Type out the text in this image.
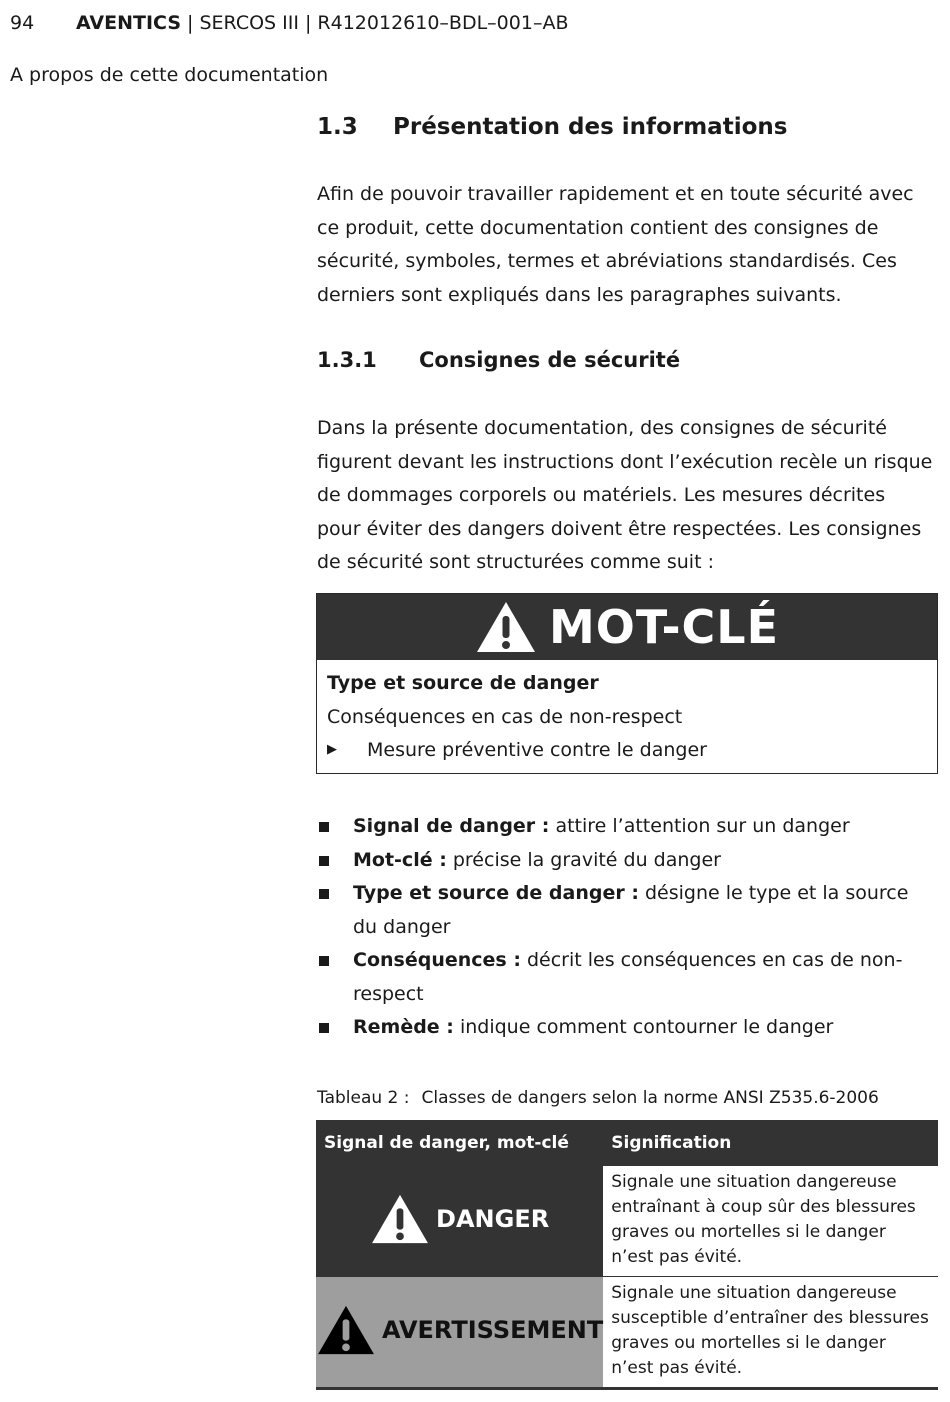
94 AVENTICS | SERCOS III | R412012610–BDL–001–AB
A propos de cette documentation
1.3 Présentation des informations
Afin de pouvoir travailler rapidement et en toute sécurité avec ce produit, cette documentation contient des consignes de sécurité, symboles, termes et abréviations standardisés. Ces derniers sont expliqués dans les paragraphes suivants.
1.3.1 Consignes de sécurité
Dans la présente documentation, des consignes de sécurité figurent devant les instructions dont l’exécution recèle un risque de dommages corporels ou matériels. Les mesures décrites pour éviter des dangers doivent être respectées. Les consignes de sécurité sont structurées comme suit :
MOT-CLÉ
Type et source de danger
Conséquences en cas de non-respect
▶ Mesure préventive contre le danger
Signal de danger : attire l’attention sur un danger
Mot-clé : précise la gravité du danger
Type et source de danger : désigne le type et la source du danger
Conséquences : décrit les conséquences en cas de non-respect
Remède : indique comment contourner le danger
Tableau 2 : Classes de dangers selon la norme ANSI Z535.6-2006
Signal de danger, mot-clé	Signification

DANGER	Signale une situation dangereuse entraînant à coup sûr des blessures graves ou mortelles si le danger n’est pas évité.

AVERTISSEMENT	Signale une situation dangereuse susceptible d’entraîner des blessures graves ou mortelles si le danger n’est pas évité.
